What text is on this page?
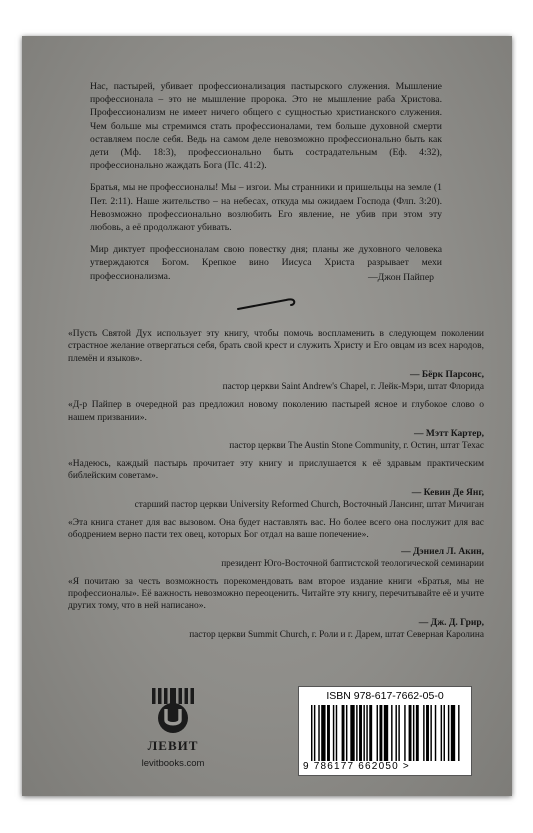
Нас, пастырей, убивает профессионализация пастырского служения. Мышление профессионала – это не мышление пророка. Это не мышление раба Христова. Профессионализм не имеет ничего общего с сущностью христианского служения. Чем больше мы стремимся стать профессионалами, тем больше духовной смерти оставляем после себя. Ведь на самом деле невозможно профессионально быть как дети (Мф. 18:3), профессионально быть сострадательным (Еф. 4:32), профессионально жаждать Бога (Пс. 41:2).

Братья, мы не профессионалы! Мы – изгои. Мы странники и пришельцы на земле (1 Пет. 2:11). Наше жительство – на небесах, откуда мы ожидаем Господа (Флп. 3:20). Невозможно профессионально возлюбить Его явление, не убив при этом эту любовь, а её продолжают убивать.

Мир диктует профессионалам свою повестку дня; планы же духовного человека утверждаются Богом. Крепкое вино Иисуса Христа разрывает мехи профессионализма.	—Джон Пайпер
«Пусть Святой Дух использует эту книгу, чтобы помочь воспламенить в следующем поколении страстное желание отвергаться себя, брать свой крест и служить Христу и Его овцам из всех народов, племён и языков».
— Бёрк Парсонс,
пастор церкви Saint Andrew's Chapel, г. Лейк-Мэри, штат Флорида
«Д-р Пайпер в очередной раз предложил новому поколению пастырей ясное и глубокое слово о нашем призвании».
— Мэтт Картер,
пастор церкви The Austin Stone Community, г. Остин, штат Техас
«Надеюсь, каждый пастырь прочитает эту книгу и прислушается к её здравым практическим библейским советам».
— Кевин Де Янг,
старший пастор церкви University Reformed Church, Восточный Лансинг, штат Мичиган
«Эта книга станет для вас вызовом. Она будет наставлять вас. Но более всего она послужит для вас ободрением верно пасти тех овец, которых Бог отдал на ваше попечение».
— Дэниел Л. Акин,
президент Юго-Восточной баптистской теологической семинарии
«Я почитаю за честь возможность порекомендовать вам второе издание книги «Братья, мы не профессионалы». Её важность невозможно переоценить. Читайте эту книгу, перечитывайте её и учите других тому, что в ней написано».
— Дж. Д. Грир,
пастор церкви Summit Church, г. Роли и г. Дарем, штат Северная Каролина
ЛЕВИТ
levitbooks.com
ISBN 978-617-7662-05-0
9 786177 662050 >
